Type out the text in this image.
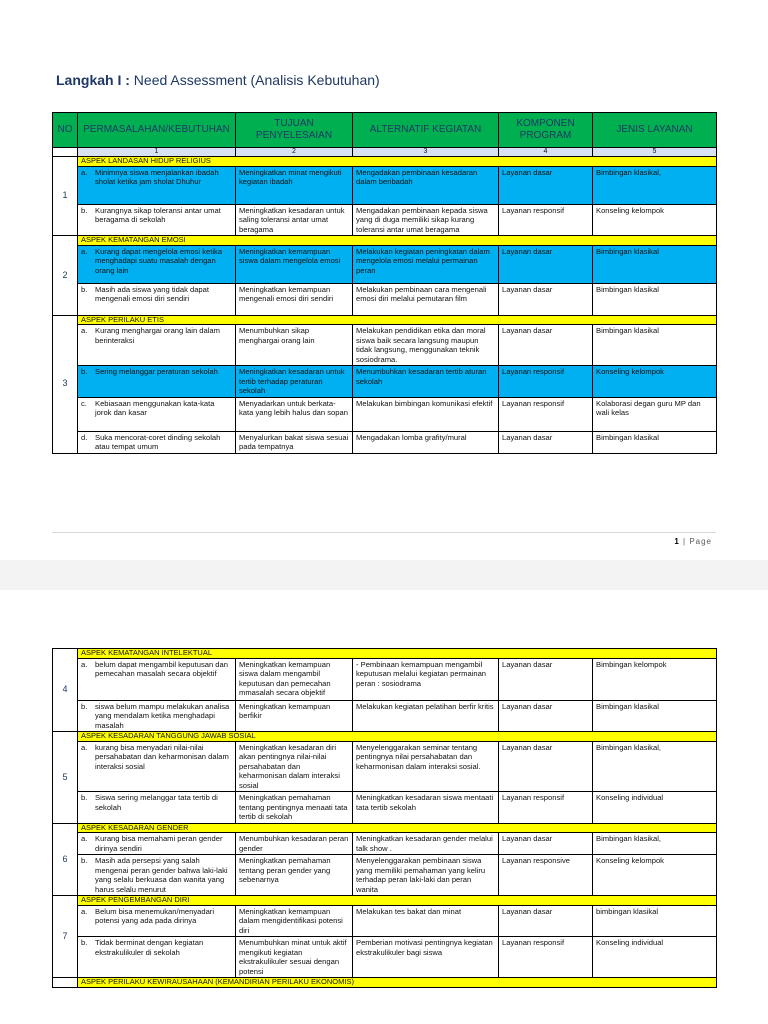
Langkah I : Need Assessment (Analisis Kebutuhan)
NO	PERMASALAHAN/KEBUTUHAN	TUJUAN PENYELESAIAN	ALTERNATIF KEGIATAN	KOMPONEN PROGRAM	JENIS LAYANAN
	1	2	3	4	5
1	ASPEK LANDASAN HIDUP RELIGIUS				

	a. Minimnya siswa menjalankan ibadah sholat ketika jam sholat Dhuhur	Meningkatkan minat mengikuti kegiatan ibadah	Mengadakan pembinaan kesadaran dalam beribadah	Layanan dasar	Bimbingan klasikal,

	b. Kurangnya sikap toleransi antar umat beragama di sekolah	Meningkatkan kesadaran untuk saling toleransi antar umat beragama	Mengadakan pembinaan kepada siswa yang di duga memiliki sikap kurang toleransi antar umat beragama	Layanan responsif	Konseling kelompok
2	ASPEK KEMATANGAN EMOSI				

	a. Kurang dapat mengelola emosi ketika menghadapi suatu masalah dengan orang lain	Meningkatkan kemampuan siswa dalam mengelola emosi	Melakukan kegiatan peningkatan dalam mengelola emosi melalui permainan peran	Layanan dasar	Bimbingan klasikal

	b. Masih ada siswa yang tidak dapat mengenali emosi diri sendiri	Meningkatkan kemampuan mengenali emosi diri sendiri	Melakukan pembinaan cara mengenali emosi diri melalui pemutaran film	Layanan dasar	Bimbingan klasikal
3	ASPEK PERILAKU ETIS				

	a. Kurang menghargai orang lain dalam berinteraksi	Menumbuhkan sikap menghargai orang lain	Melakukan pendidikan etika dan moral siswa baik secara langsung maupun tidak langsung, menggunakan teknik sosiodrama.	Layanan dasar	Bimbingan klasikal

	b. Sering melanggar peraturan sekolah	Meningkatkan kesadaran untuk tertib terhadap peraturan sekolah	Menumbuhkan kesadaran tertib aturan sekolah	Layanan responsif	Konseling kelompok

	c. Kebiasaan menggunakan kata-kata jorok dan kasar	Menyadarkan untuk berkata-kata yang lebih halus dan sopan	Melakukan bimbingan komunikasi efektif	Layanan responsif	Kolaborasi degan guru MP dan wali kelas

	d. Suka mencorat-coret dinding sekolah atau tempat umum	Menyalurkan bakat siswa sesuai pada tempatnya	Mengadakan lomba grafity/mural	Layanan dasar	Bimbingan klasikal
1 | Page
4	ASPEK KEMATANGAN INTELEKTUAL				

	a. belum dapat mengambil keputusan dan pemecahan masalah secara objektif	Meningkatkan kemampuan siswa dalam mengambil keputusan dan pemecahan mmasalah secara objektif	- Pembinaan kemampuan mengambil keputusan melalui kegiatan permainan peran : sosiodrama	Layanan dasar	Bimbingan kelompok

	b. siswa belum mampu melakukan analisa yang mendalam ketika menghadapi masalah	Meningkatkan kemampuan berfikir	Melakukan kegiatan pelatihan berfir kritis	Layanan dasar	Bimbingan klasikal
5	ASPEK KESADARAN TANGGUNG JAWAB SOSIAL				

	a. kurang bisa menyadari nilai-nilai persahabatan dan keharmonisan dalam interaksi sosial	Meningkatkan kesadaran diri akan pentingnya nilai-nilai persahabatan dan keharmonisan dalam interaksi sosial	Menyelenggarakan seminar tentang pentingnya nilai persahabatan dan keharmonisan dalam interaksi sosial.	Layanan dasar	Bimbingan klasikal,

	b. Siswa sering melanggar tata tertib di sekolah	Meningkatkan pemahaman tentang pentingnya menaati tata tertib di sekolah	Meningkatkan kesadaran siswa mentaati tata tertib sekolah	Layanan responsif	Konseling individual
6	ASPEK KESADARAN GENDER				

	a. Kurang bisa memahami peran gender dirinya sendiri	Menumbuhkan kesadaran peran gender	Meningkatkan kesadaran gender melalui talk show .	Layanan dasar	Bimbingan klasikal,

	b. Masih ada persepsi yang salah mengenai peran gender bahwa laki-laki yang selalu berkuasa dan wanita yang harus selalu menurut	Meningkatkan pemahaman tentang peran gender yang sebenarnya	Menyelenggarakan pembinaan siswa yang memiliki pemahaman yang keliru terhadap peran laki-laki dan peran wanita	Layanan responsive	Konseling kelompok
7	ASPEK PENGEMBANGAN DIRI				

	a. Belum bisa menemukan/menyadari potensi yang ada pada dirinya	Meningkatkan kemampuan dalam mengidentifikasi potensi diri	Melakukan tes bakat dan minat	Layanan dasar	bimbingan klasikal

	b. Tidak berminat dengan kegiatan ekstrakulikuler di sekolah	Menumbuhkan minat untuk aktif mengikuti kegiatan ekstrakulikuler sesuai dengan potensi	Pemberian motivasi pentingnya kegiatan ekstrakulikuler bagi siswa	Layanan responsif	Konseling individual
	ASPEK PERILAKU KEWIRAUSAHAAN (KEMANDIRIAN PERILAKU EKONOMIS)				
